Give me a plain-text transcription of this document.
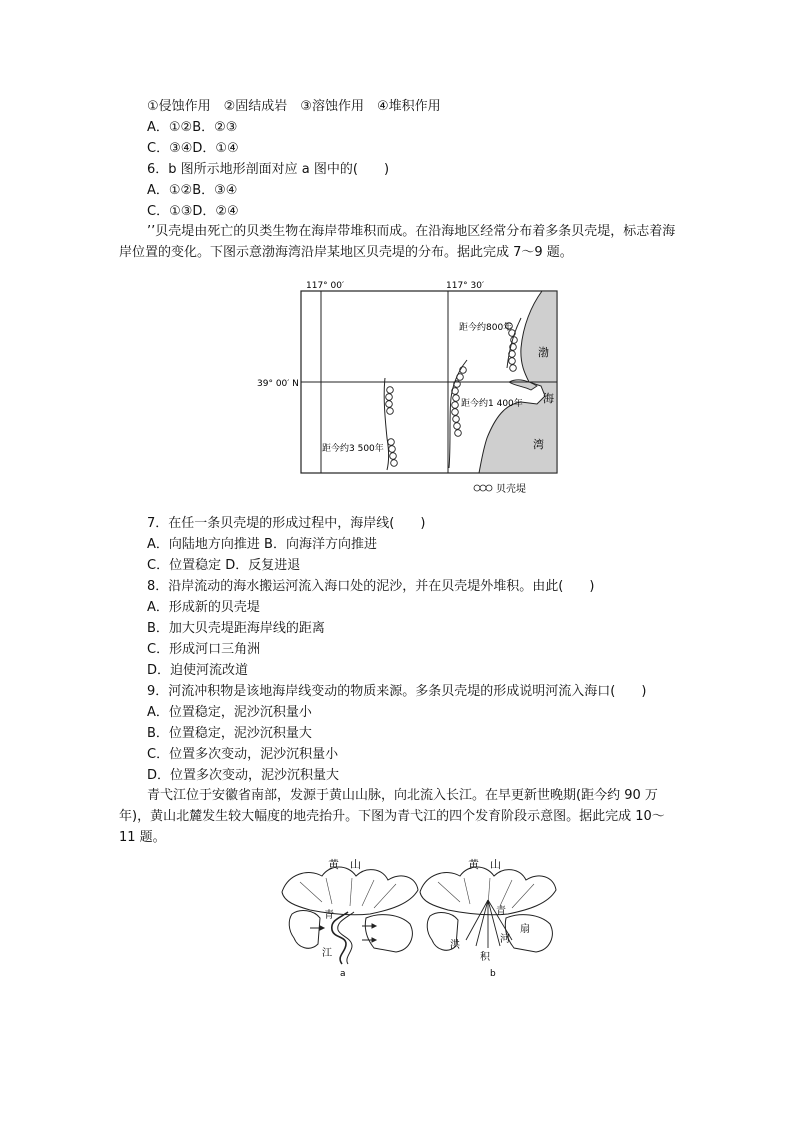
①侵蚀作用　②固结成岩　③溶蚀作用　④堆积作用
A．①②B．②③
C．③④D．①④
6．b 图所示地形剖面对应 a 图中的(　　)
A．①②B．③④
C．①③D．②④
’’贝壳堤由死亡的贝类生物在海岸带堆积而成。在沿海地区经常分布着多条贝壳堤，标志着海岸位置的变化。下图示意渤海湾沿岸某地区贝壳堤的分布。据此完成 7～9 题。
117° 00′	117° 30′
39° 00′ N
距今约800年
距今约1 400年
距今约3 500年
渤
海
湾
贝壳堤
7．在任一条贝壳堤的形成过程中，海岸线(　　)
A．向陆地方向推进 B．向海洋方向推进
C．位置稳定 D．反复进退
8．沿岸流动的海水搬运河流入海口处的泥沙，并在贝壳堤外堆积。由此(　　)
A．形成新的贝壳堤
B．加大贝壳堤距海岸线的距离
C．形成河口三角洲
D．迫使河流改道
9．河流冲积物是该地海岸线变动的物质来源。多条贝壳堤的形成说明河流入海口(　　)
A．位置稳定，泥沙沉积量小
B．位置稳定，泥沙沉积量大
C．位置多次变动，泥沙沉积量小
D．位置多次变动，泥沙沉积量大
青弋江位于安徽省南部，发源于黄山山脉，向北流入长江。在早更新世晚期(距今约 90 万年)，黄山北麓发生较大幅度的地壳抬升。下图为青弋江的四个发育阶段示意图。据此完成 10～11 题。
黄　山
青
江
a
黄　山
青
洪
积
河
扇
b
